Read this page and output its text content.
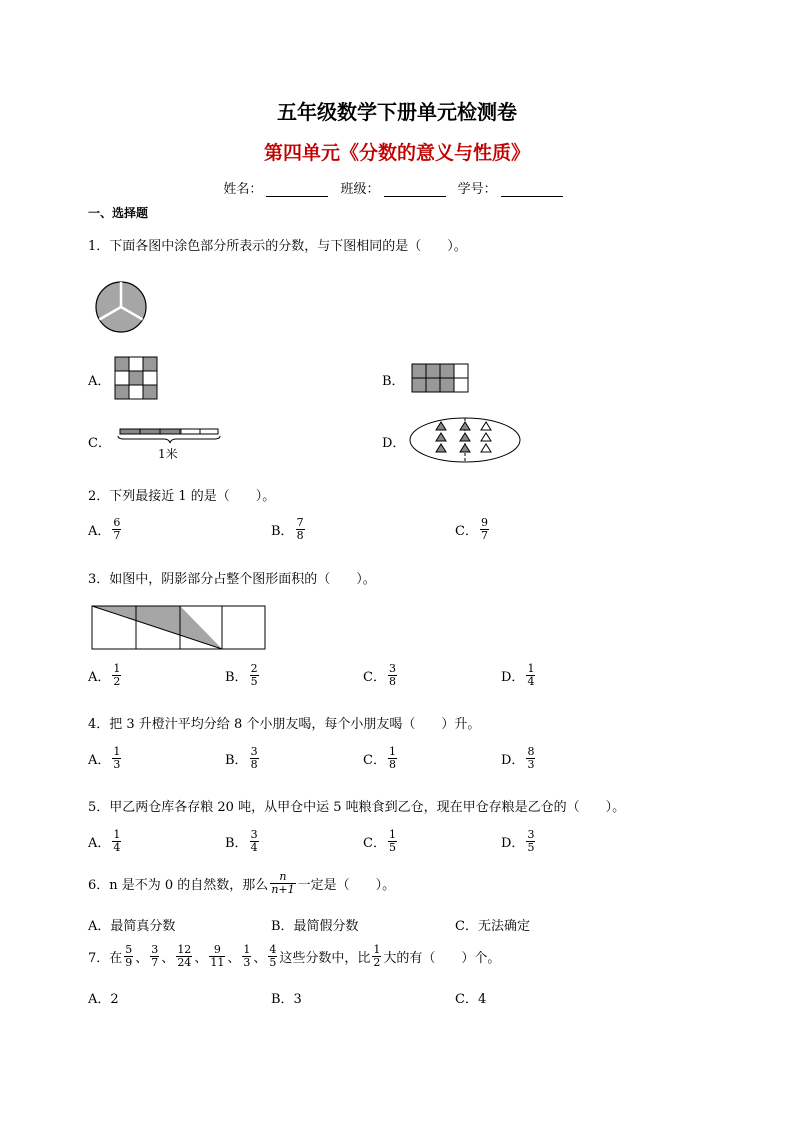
五年级数学下册单元检测卷
第四单元《分数的意义与性质》
姓名：	班级：	学号：
一、选择题
1．下面各图中涂色部分所表示的分数，与下图相同的是（　　）。
A．	B．
C．
1米
D．
2．下列最接近 1 的是（　　）。
A． $\frac{6}{7}$	B． $\frac{7}{8}$	C． $\frac{9}{7}$
3．如图中，阴影部分占整个图形面积的（　　）。
A． $\frac{1}{2}$	B． $\frac{2}{5}$	C． $\frac{3}{8}$	D． $\frac{1}{4}$
4．把 3 升橙汁平均分给 8 个小朋友喝，每个小朋友喝（　　）升。
A． $\frac{1}{3}$	B． $\frac{3}{8}$	C． $\frac{1}{8}$	D． $\frac{8}{3}$
5．甲乙两仓库各存粮 20 吨，从甲仓中运 5 吨粮食到乙仓，现在甲仓存粮是乙仓的（　　）。
A． $\frac{1}{4}$	B． $\frac{3}{4}$	C． $\frac{1}{5}$	D． $\frac{3}{5}$
6．n 是不为 0 的自然数，那么 $\frac{n}{n+1}$ 一定是（　　）。
A．最简真分数	B．最简假分数	C．无法确定
7．在 $\frac{5}{9}$ 、 $\frac{3}{7}$ 、 $\frac{12}{24}$ 、 $\frac{9}{11}$ 、 $\frac{1}{3}$ 、 $\frac{4}{5}$ 这些分数中，比 $\frac{1}{2}$ 大的有（　　）个。
A．2	B．3	C．4
